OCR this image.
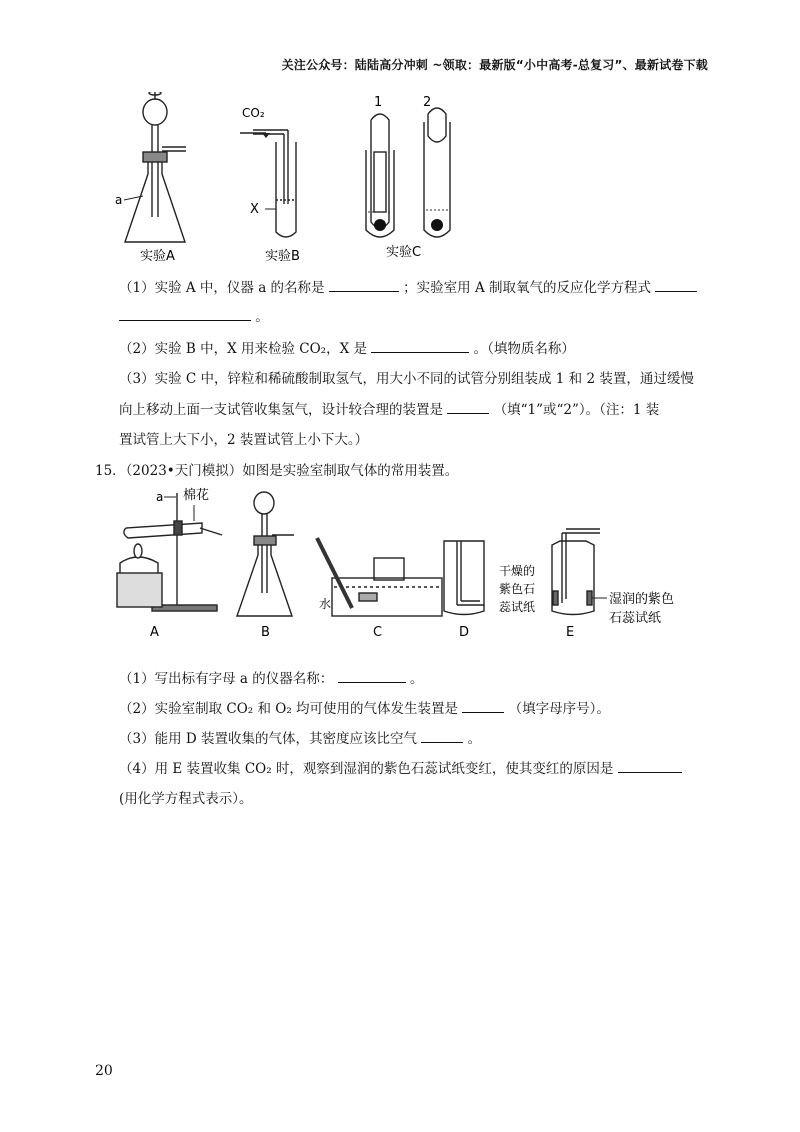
关注公众号：陆陆高分冲刺 ~领取：最新版“小中高考-总复习”、最新试卷下载
a
CO₂
X
1	2
实验A	实验B	实验C
（1）实验 A 中，仪器 a 的名称是	；实验室用 A 制取氧气的反应化学方程式
。
（2）实验 B 中，X 用来检验 CO₂，X 是	。（填物质名称）
（3）实验 C 中，锌粒和稀硫酸制取氢气，用大小不同的试管分别组装成 1 和 2 装置，通过缓慢
向上移动上面一支试管收集氢气，设计较合理的装置是	（填“1”或“2”）。（注：1 装
置试管上大下小，2 装置试管上小下大。）
15．（2023•天门模拟）如图是实验室制取气体的常用装置。
a 棉花
水
干燥的
紫色石
蕊试纸	湿润的紫色
石蕊试纸
A	B	C	D	E
（1）写出标有字母 a 的仪器名称：	。
（2）实验室制取 CO₂ 和 O₂ 均可使用的气体发生装置是	（填字母序号）。
（3）能用 D 装置收集的气体，其密度应该比空气	。
（4）用 E 装置收集 CO₂ 时，观察到湿润的紫色石蕊试纸变红，使其变红的原因是
(用化学方程式表示）。
20
